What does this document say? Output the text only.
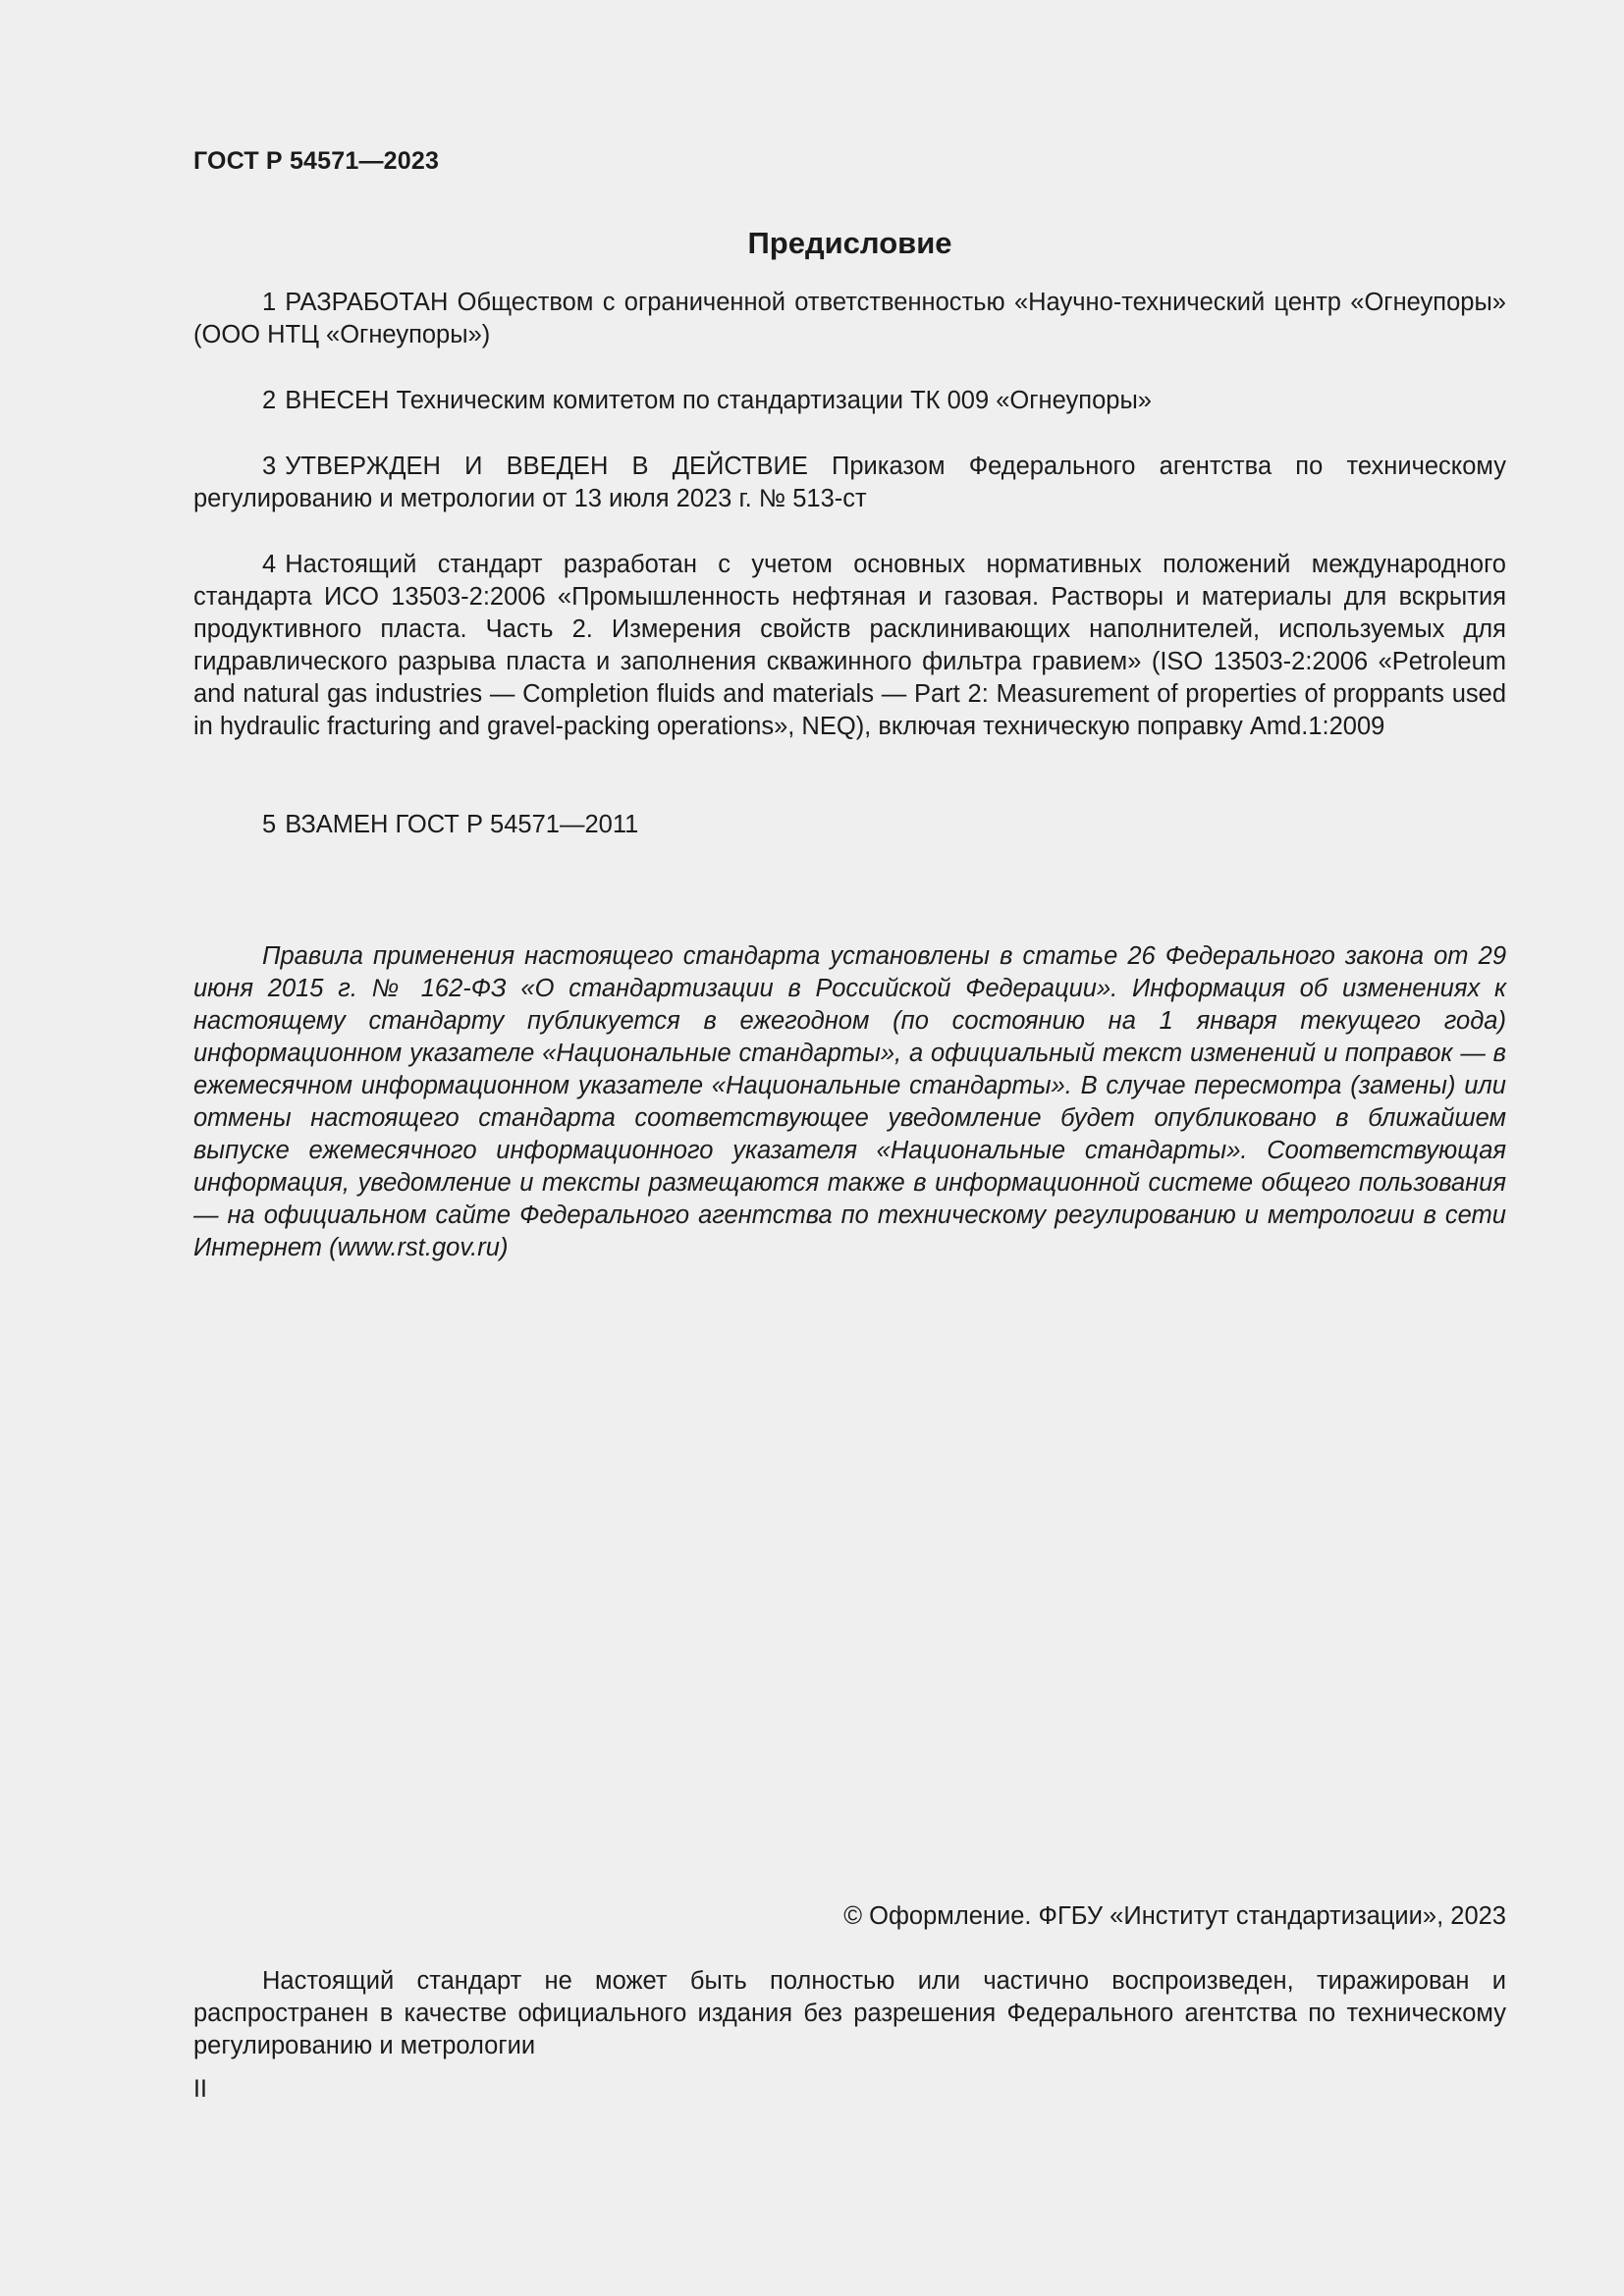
ГОСТ Р 54571—2023
Предисловие

1 РАЗРАБОТАН Обществом с ограниченной ответственностью «Научно-технический центр «Огнеупоры» (ООО НТЦ «Огнеупоры»)

2 ВНЕСЕН Техническим комитетом по стандартизации ТК 009 «Огнеупоры»

3 УТВЕРЖДЕН И ВВЕДЕН В ДЕЙСТВИЕ Приказом Федерального агентства по техническому регулированию и метрологии от 13 июля 2023 г. № 513-ст

4 Настоящий стандарт разработан с учетом основных нормативных положений международного стандарта ИСО 13503-2:2006 «Промышленность нефтяная и газовая. Растворы и материалы для вскрытия продуктивного пласта. Часть 2. Измерения свойств расклинивающих наполнителей, используемых для гидравлического разрыва пласта и заполнения скважинного фильтра гравием» (ISO 13503-2:2006 «Petroleum and natural gas industries — Completion fluids and materials — Part 2: Measurement of properties of proppants used in hydraulic fracturing and gravel-packing operations», NEQ), включая техническую поправку Amd.1:2009

5 ВЗАМЕН ГОСТ Р 54571—2011

Правила применения настоящего стандарта установлены в статье 26 Федерального закона от 29 июня 2015 г. № 162-ФЗ «О стандартизации в Российской Федерации». Информация об изменениях к настоящему стандарту публикуется в ежегодном (по состоянию на 1 января текущего года) информационном указателе «Национальные стандарты», а официальный текст изменений и поправок — в ежемесячном информационном указателе «Национальные стандарты». В случае пересмотра (замены) или отмены настоящего стандарта соответствующее уведомление будет опубликовано в ближайшем выпуске ежемесячного информационного указателя «Национальные стандарты». Соответствующая информация, уведомление и тексты размещаются также в информационной системе общего пользования — на официальном сайте Федерального агентства по техническому регулированию и метрологии в сети Интернет (www.rst.gov.ru)

© Оформление. ФГБУ «Институт стандартизации», 2023

Настоящий стандарт не может быть полностью или частично воспроизведен, тиражирован и распространен в качестве официального издания без разрешения Федерального агентства по техническому регулированию и метрологии

II
